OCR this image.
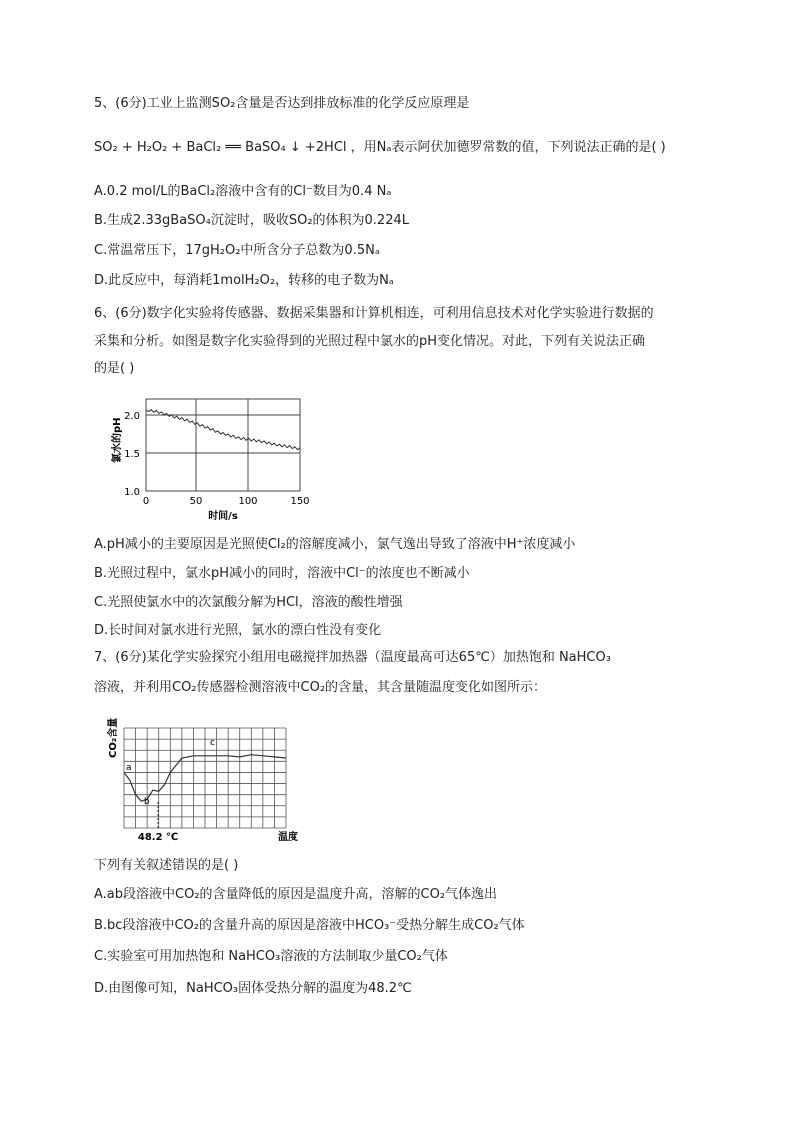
5、(6分)工业上监测SO₂含量是否达到排放标准的化学反应原理是
SO₂ + H₂O₂ + BaCl₂ ══ BaSO₄ ↓ +2HCl ，用Nₐ表示阿伏加德罗常数的值，下列说法正确的是( )
A.0.2 mol/L的BaCl₂溶液中含有的Cl⁻数目为0.4 Nₐ
B.生成2.33gBaSO₄沉淀时，吸收SO₂的体积为0.224L
C.常温常压下，17gH₂O₂中所含分子总数为0.5Nₐ
D.此反应中，每消耗1molH₂O₂，转移的电子数为Nₐ
6、(6分)数字化实验将传感器、数据采集器和计算机相连，可利用信息技术对化学实验进行数据的
采集和分析。如图是数字化实验得到的光照过程中氯水的pH变化情况。对此，下列有关说法正确
的是( )
2.0
1.5
1.0
0	50	100	150
时间/s
氯水的pH
A.pH减小的主要原因是光照使Cl₂的溶解度减小，氯气逸出导致了溶液中H⁺浓度减小
B.光照过程中，氯水pH减小的同时，溶液中Cl⁻的浓度也不断减小
C.光照使氯水中的次氯酸分解为HCl，溶液的酸性增强
D.长时间对氯水进行光照，氯水的漂白性没有变化
7、(6分)某化学实验探究小组用电磁搅拌加热器（温度最高可达65℃）加热饱和 NaHCO₃
溶液，并利用CO₂传感器检测溶液中CO₂的含量，其含量随温度变化如图所示：
a
b
c
48.2 ℃	温度
CO₂含量
下列有关叙述错误的是( )
A.ab段溶液中CO₂的含量降低的原因是温度升高，溶解的CO₂气体逸出
B.bc段溶液中CO₂的含量升高的原因是溶液中HCO₃⁻受热分解生成CO₂气体
C.实验室可用加热饱和 NaHCO₃溶液的方法制取少量CO₂气体
D.由图像可知，NaHCO₃固体受热分解的温度为48.2℃
